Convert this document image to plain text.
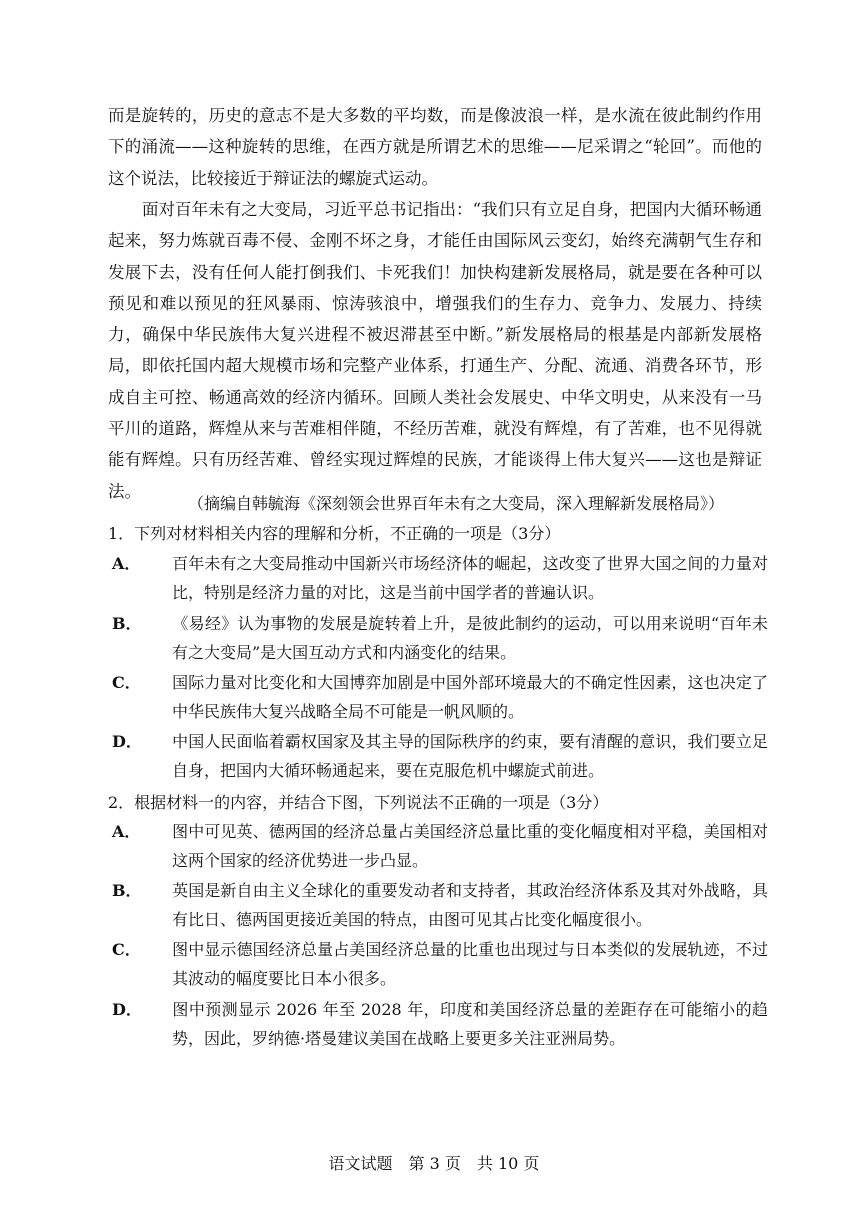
而是旋转的，历史的意志不是大多数的平均数，而是像波浪一样，是水流在彼此制约作用下的涌流——这种旋转的思维，在西方就是所谓艺术的思维——尼采谓之“轮回”。而他的这个说法，比较接近于辩证法的螺旋式运动。

面对百年未有之大变局，习近平总书记指出：“我们只有立足自身，把国内大循环畅通起来，努力炼就百毒不侵、金刚不坏之身，才能任由国际风云变幻，始终充满朝气生存和发展下去，没有任何人能打倒我们、卡死我们！加快构建新发展格局，就是要在各种可以预见和难以预见的狂风暴雨、惊涛骇浪中，增强我们的生存力、竞争力、发展力、持续力，确保中华民族伟大复兴进程不被迟滞甚至中断。”新发展格局的根基是内部新发展格局，即依托国内超大规模市场和完整产业体系，打通生产、分配、流通、消费各环节，形成自主可控、畅通高效的经济内循环。回顾人类社会发展史、中华文明史，从来没有一马平川的道路，辉煌从来与苦难相伴随，不经历苦难，就没有辉煌，有了苦难，也不见得就能有辉煌。只有历经苦难、曾经实现过辉煌的民族，才能谈得上伟大复兴——这也是辩证法。

（摘编自韩毓海《深刻领会世界百年未有之大变局，深入理解新发展格局》）

1．下列对材料相关内容的理解和分析，不正确的一项是（3分）

A． 百年未有之大变局推动中国新兴市场经济体的崛起，这改变了世界大国之间的力量对比，特别是经济力量的对比，这是当前中国学者的普遍认识。
B． 《易经》认为事物的发展是旋转着上升，是彼此制约的运动，可以用来说明“百年未有之大变局”是大国互动方式和内涵变化的结果。
C． 国际力量对比变化和大国博弈加剧是中国外部环境最大的不确定性因素，这也决定了中华民族伟大复兴战略全局不可能是一帆风顺的。
D． 中国人民面临着霸权国家及其主导的国际秩序的约束，要有清醒的意识，我们要立足自身，把国内大循环畅通起来，要在克服危机中螺旋式前进。

2．根据材料一的内容，并结合下图，下列说法不正确的一项是（3分）

A． 图中可见英、德两国的经济总量占美国经济总量比重的变化幅度相对平稳，美国相对这两个国家的经济优势进一步凸显。
B． 英国是新自由主义全球化的重要发动者和支持者，其政治经济体系及其对外战略，具有比日、德两国更接近美国的特点，由图可见其占比变化幅度很小。
C． 图中显示德国经济总量占美国经济总量的比重也出现过与日本类似的发展轨迹，不过其波动的幅度要比日本小很多。
D． 图中预测显示 2026 年至 2028 年，印度和美国经济总量的差距存在可能缩小的趋势，因此，罗纳德·塔曼建议美国在战略上要更多关注亚洲局势。
语文试题　第 3 页　共 10 页
